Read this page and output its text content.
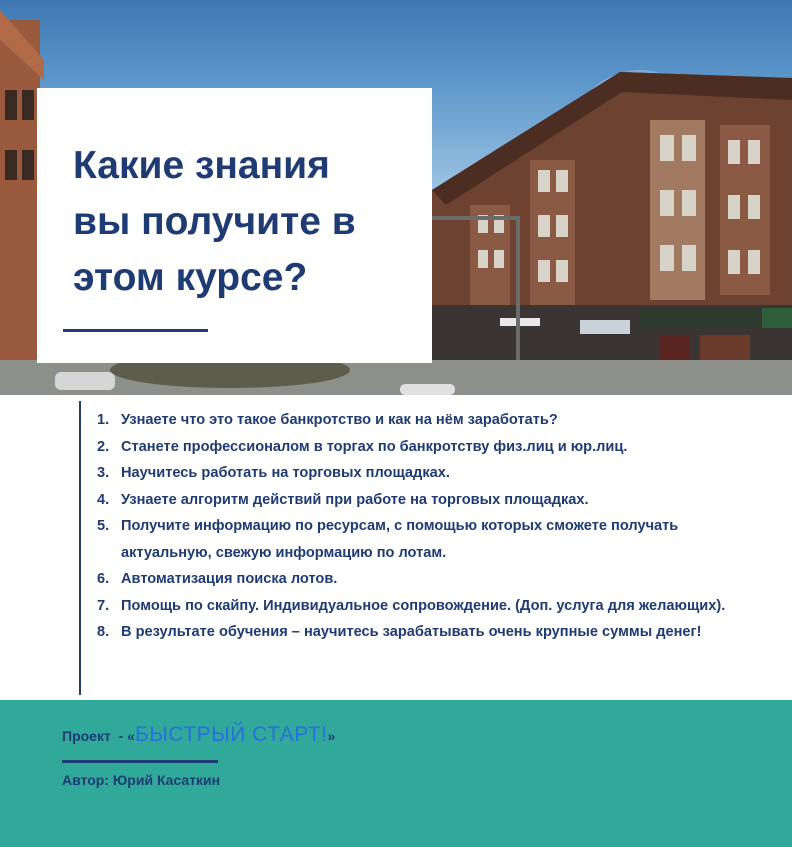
Какие знания
вы получите в
этом курсе?
1. Узнаете что это такое банкротство и как на нём заработать?
2. Станете профессионалом в торгах по банкротству физ.лиц и юр.лиц.
3. Научитесь работать на торговых площадках.
4. Узнаете алгоритм действий при работе на торговых площадках.
5. Получите информацию по ресурсам, с помощью которых сможете получать актуальную, свежую информацию по лотам.
6. Автоматизация поиска лотов.
7. Помощь по скайпу. Индивидуальное сопровождение. (Доп. услуга для желающих).
8. В результате обучения – научитесь зарабатывать очень крупные суммы денег!
Проект  - « БЫСТРЫЙ СТАРТ! »
Автор: Юрий Касаткин
